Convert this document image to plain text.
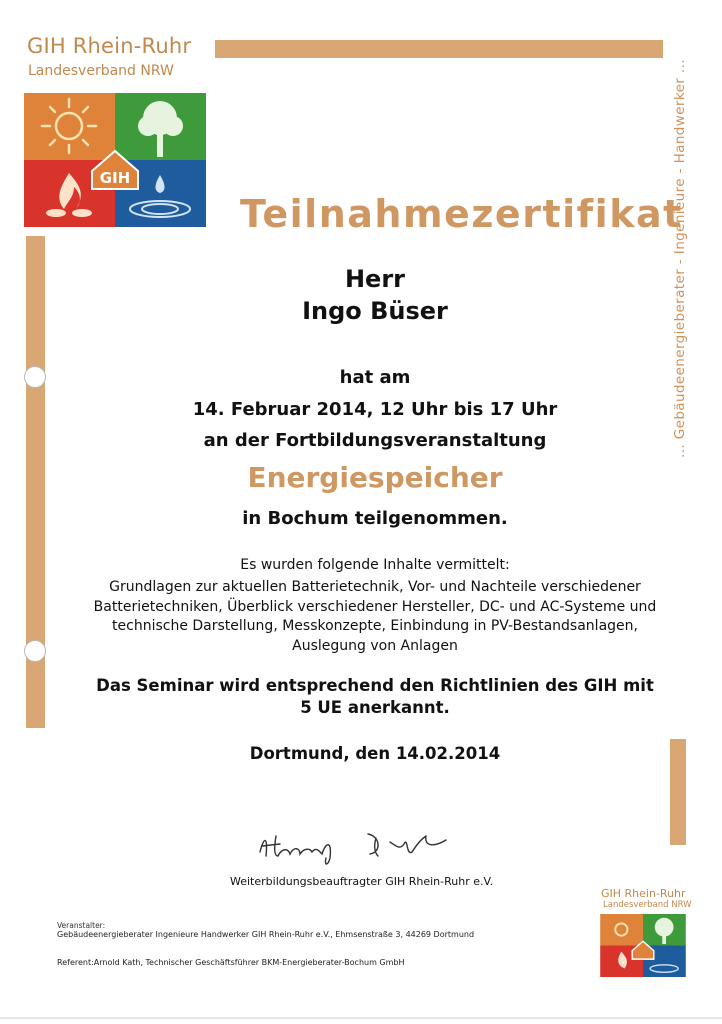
GIH Rhein-Ruhr
Landesverband NRW
GIH	... Gebäudeenergieberater - Ingenieure - Handwerker ...
Teilnahmezertifikat
Herr
Ingo Büser
hat am
14. Februar 2014, 12 Uhr bis 17 Uhr
an der Fortbildungsveranstaltung
Energiespeicher
in Bochum teilgenommen.
Es wurden folgende Inhalte vermittelt:
Grundlagen zur aktuellen Batterietechnik, Vor- und Nachteile verschiedener
Batterietechniken, Überblick verschiedener Hersteller, DC- und AC-Systeme und
technische Darstellung, Messkonzepte, Einbindung in PV-Bestandsanlagen,
Auslegung von Anlagen
Das Seminar wird entsprechend den Richtlinien des GIH mit
5 UE anerkannt.
Dortmund, den 14.02.2014
Weiterbildungsbeauftragter GIH Rhein-Ruhr e.V.
Veranstalter:
Gebäudeenergieberater Ingenieure Handwerker GIH Rhein-Ruhr e.V., Ehmsenstraße 3, 44269 Dortmund
Referent:Arnold Kath, Technischer Geschäftsführer BKM-Energieberater-Bochum GmbH
GIH Rhein-Ruhr
Landesverband NRW
